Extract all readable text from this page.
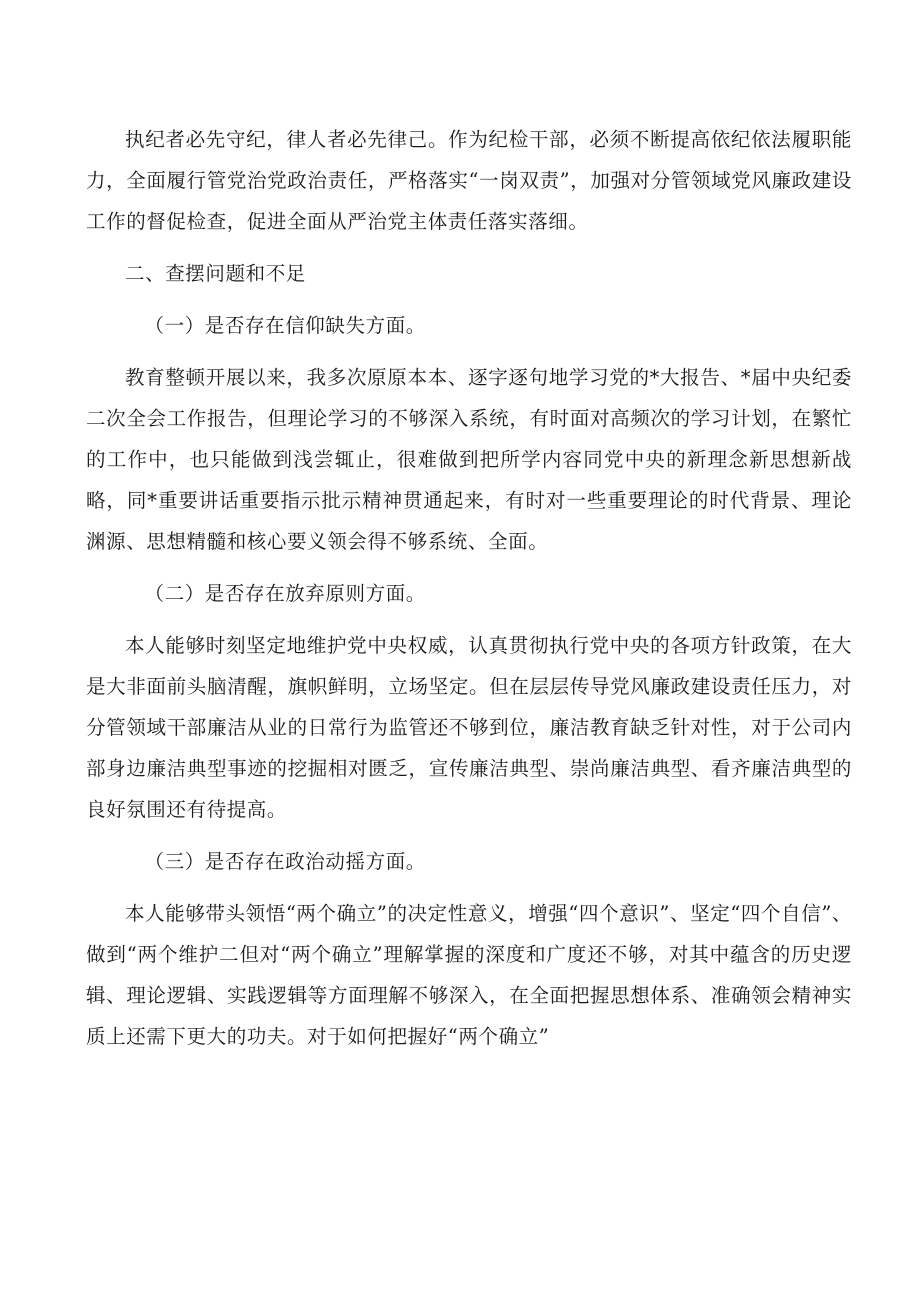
执纪者必先守纪，律人者必先律己。作为纪检干部，必须不断提高依纪依法履职能力，全面履行管党治党政治责任，严格落实“一岗双责”，加强对分管领域党风廉政建设工作的督促检查，促进全面从严治党主体责任落实落细。

二、查摆问题和不足

（一）是否存在信仰缺失方面。

教育整顿开展以来，我多次原原本本、逐字逐句地学习党的*大报告、*届中央纪委二次全会工作报告，但理论学习的不够深入系统，有时面对高频次的学习计划，在繁忙的工作中，也只能做到浅尝辄止，很难做到把所学内容同党中央的新理念新思想新战略，同*重要讲话重要指示批示精神贯通起来，有时对一些重要理论的时代背景、理论渊源、思想精髓和核心要义领会得不够系统、全面。

（二）是否存在放弃原则方面。

本人能够时刻坚定地维护党中央权威，认真贯彻执行党中央的各项方针政策，在大是大非面前头脑清醒，旗帜鲜明，立场坚定。但在层层传导党风廉政建设责任压力，对分管领域干部廉洁从业的日常行为监管还不够到位，廉洁教育缺乏针对性，对于公司内部身边廉洁典型事迹的挖掘相对匮乏，宣传廉洁典型、崇尚廉洁典型、看齐廉洁典型的良好氛围还有待提高。

（三）是否存在政治动摇方面。

本人能够带头领悟“两个确立”的决定性意义，增强“四个意识”、坚定“四个自信”、做到“两个维护二但对“两个确立”理解掌握的深度和广度还不够，对其中蕴含的历史逻辑、理论逻辑、实践逻辑等方面理解不够深入，在全面把握思想体系、准确领会精神实质上还需下更大的功夫。对于如何把握好“两个确立”
